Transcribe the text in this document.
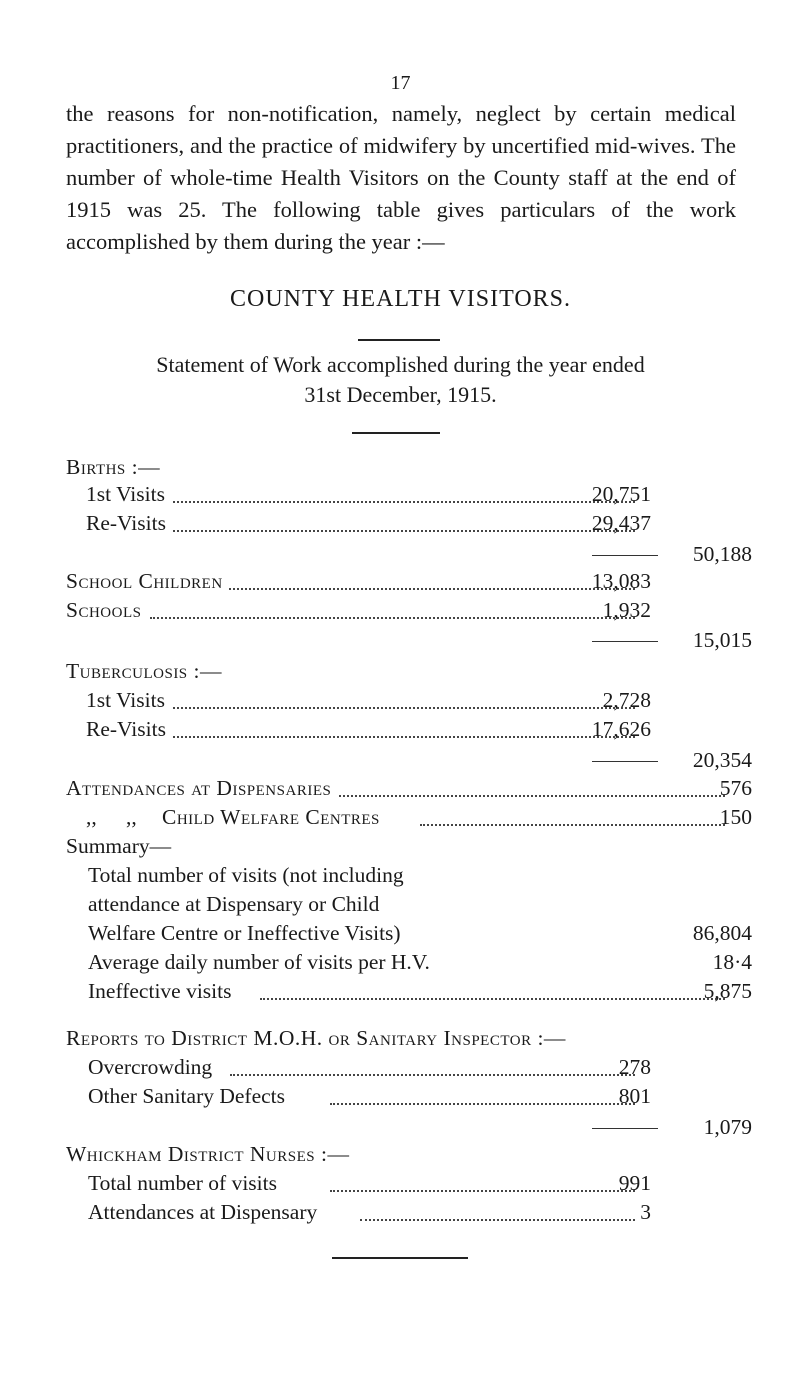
17
the reasons for non-notification, namely, neglect by certain medical practitioners, and the practice of midwifery by uncertified mid-wives. The number of whole-time Health Visitors on the County staff at the end of 1915 was 25. The following table gives particulars of the work accomplished by them during the year :—
COUNTY HEALTH VISITORS.
Statement of Work accomplished during the year ended
31st December, 1915.
Births :—
1st Visits	20,751
Re-Visits	29,437
50,188
School Children	13,083
Schools	1,932
15,015
Tuberculosis :—
1st Visits	2,728
Re-Visits	17,626
20,354
Attendances at Dispensaries	576
,, ,, Child Welfare Centres	150
Summary—
Total number of visits (not including
attendance at Dispensary or Child
Welfare Centre or Ineffective Visits)	86,804
Average daily number of visits per H.V.	18·4
Ineffective visits	5,875
Reports to District M.O.H. or Sanitary Inspector :—
Overcrowding	278
Other Sanitary Defects	801
1,079
Whickham District Nurses :—
Total number of visits	991
Attendances at Dispensary	3
